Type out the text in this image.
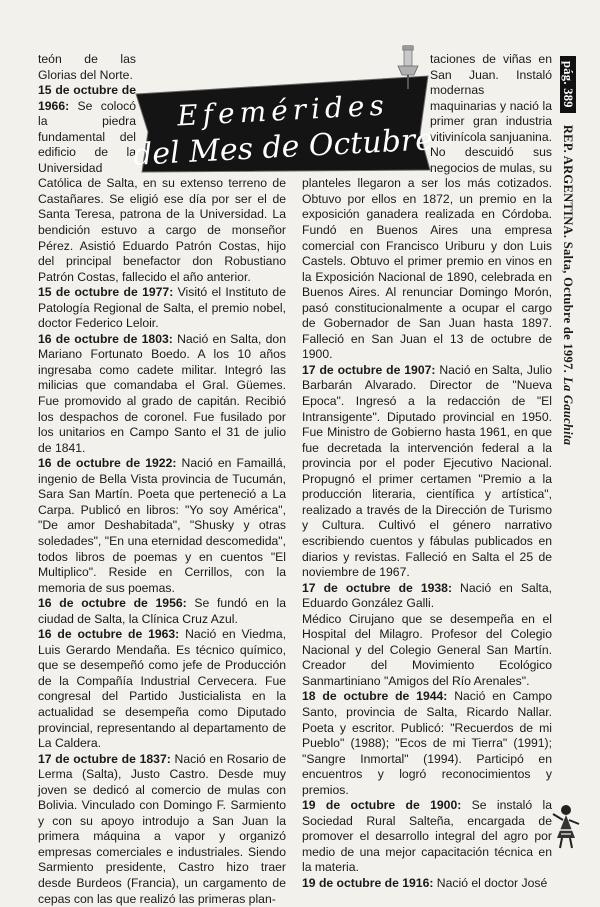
teón de las Glorias del Norte.

15 de octubre de 1966: Se colocó la piedra fundamental del edificio de la Universidad Católica de Salta, en su extenso terreno de Castañares. Se eligió ese día por ser el de Santa Teresa, patrona de la Universidad. La bendición estuvo a cargo de monseñor Pérez. Asistió Eduardo Patrón Costas, hijo del principal benefactor don Robustiano Patrón Costas, fallecido el año anterior.

15 de octubre de 1977: Visitó el Instituto de Patología Regional de Salta, el premio nobel, doctor Federico Leloir.

16 de octubre de 1803: Nació en Salta, don Mariano Fortunato Boedo. A los 10 años ingresaba como cadete militar. Integró las milicias que comandaba el Gral. Güemes. Fue promovido al grado de capitán. Recibió los despachos de coronel. Fue fusilado por los unitarios en Campo Santo el 31 de julio de 1841.

16 de octubre de 1922: Nació en Famaillá, ingenio de Bella Vista provincia de Tucumán, Sara San Martín. Poeta que perteneció a La Carpa. Publicó en libros: "Yo soy América", "De amor Deshabitada", "Shusky y otras soledades", "En una eternidad descomedida", todos libros de poemas y en cuentos "El Multiplico". Reside en Cerrillos, con la memoria de sus poemas.

16 de octubre de 1956: Se fundó en la ciudad de Salta, la Clínica Cruz Azul.

16 de octubre de 1963: Nació en Viedma, Luis Gerardo Mendaña. Es técnico químico, que se desempeñó como jefe de Producción de la Compañía Industrial Cervecera. Fue congresal del Partido Justicialista en la actualidad se desempeña como Diputado provincial, representando al departamento de La Caldera.

17 de octubre de 1837: Nació en Rosario de Lerma (Salta), Justo Castro. Desde muy joven se dedicó al comercio de mulas con Bolivia. Vinculado con Domingo F. Sarmiento y con su apoyo introdujo a San Juan la primera máquina a vapor y organizó empresas comerciales e industriales. Siendo Sarmiento presidente, Castro hizo traer desde Burdeos (Francia), un cargamento de cepas con las que realizó las primeras plan-

taciones de viñas en San Juan. Instaló modernas maquinarias y nació la primer gran industria vitivinícola sanjuanina. No descuidó sus negocios de mulas, su planteles llegaron a ser los más cotizados. Obtuvo por ellos en 1872, un premio en la exposición ganadera realizada en Córdoba. Fundó en Buenos Aires una empresa comercial con Francisco Uriburu y don Luis Castels. Obtuvo el primer premio en vinos en la Exposición Nacional de 1890, celebrada en Buenos Aires. Al renunciar Domingo Morón, pasó constitucionalmente a ocupar el cargo de Gobernador de San Juan hasta 1897. Falleció en San Juan el 13 de octubre de 1900.

17 de octubre de 1907: Nació en Salta, Julio Barbarán Alvarado. Director de "Nueva Epoca". Ingresó a la redacción de "El Intransigente". Diputado provincial en 1950. Fue Ministro de Gobierno hasta 1961, en que fue decretada la intervención federal a la provincia por el poder Ejecutivo Nacional. Propugnó el primer certamen "Premio a la producción literaria, científica y artística", realizado a través de la Dirección de Turismo y Cultura. Cultivó el género narrativo escribiendo cuentos y fábulas publicados en diarios y revistas. Falleció en Salta el 25 de noviembre de 1967.

17 de octubre de 1938: Nació en Salta, Eduardo González Galli.

Médico Cirujano que se desempeña en el Hospital del Milagro. Profesor del Colegio Nacional y del Colegio General San Martín. Creador del Movimiento Ecológico Sanmartiniano "Amigos del Río Arenales".

18 de octubre de 1944: Nació en Campo Santo, provincia de Salta, Ricardo Nallar. Poeta y escritor. Publicó: "Recuerdos de mi Pueblo" (1988); "Ecos de mi Tierra" (1991); "Sangre Inmortal" (1994). Participó en encuentros y logró reconocimientos y premios.

19 de octubre de 1900: Se instaló la Sociedad Rural Salteña, encargada de promover el desarrollo integral del agro por medio de una mejor capacitación técnica en la materia.

19 de octubre de 1916: Nació el doctor José

Efemérides
del Mes de Octubre
pág. 389REP. ARGENTINA. Salta, Octubre de 1997.La Gauchita
